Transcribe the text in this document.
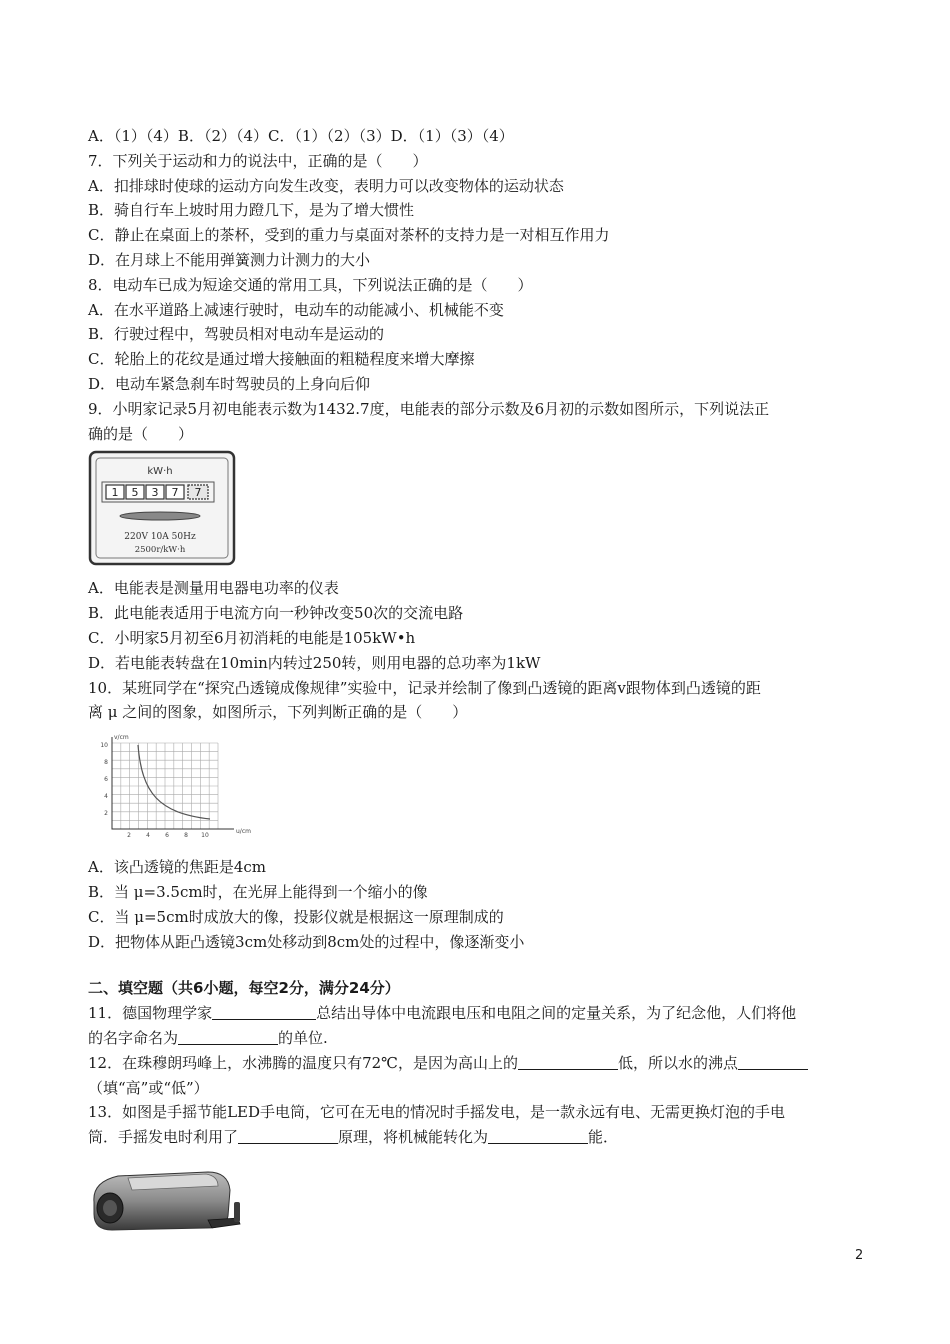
A．（1）（4）B．（2）（4）C．（1）（2）（3）D．（1）（3）（4）
7．下列关于运动和力的说法中，正确的是（　　）
A．扣排球时使球的运动方向发生改变，表明力可以改变物体的运动状态
B．骑自行车上坡时用力蹬几下，是为了增大惯性
C．静止在桌面上的茶杯，受到的重力与桌面对茶杯的支持力是一对相互作用力
D．在月球上不能用弹簧测力计测力的大小
8．电动车已成为短途交通的常用工具，下列说法正确的是（　　）
A．在水平道路上减速行驶时，电动车的动能减小、机械能不变
B．行驶过程中，驾驶员相对电动车是运动的
C．轮胎上的花纹是通过增大接触面的粗糙程度来增大摩擦
D．电动车紧急刹车时驾驶员的上身向后仰
9．小明家记录5月初电能表示数为1432.7度，电能表的部分示数及6月初的示数如图所示，下列说法正
确的是（　　）
kW·h
1 5 3 7 7
220V 10A 50Hz
2500r/kW·h
A．电能表是测量用电器电功率的仪表
B．此电能表适用于电流方向一秒钟改变50次的交流电路
C．小明家5月初至6月初消耗的电能是105kW•h
D．若电能表转盘在10min内转过250转，则用电器的总功率为1kW
10．某班同学在“探究凸透镜成像规律”实验中，记录并绘制了像到凸透镜的距离v跟物体到凸透镜的距
离 μ 之间的图象，如图所示，下列判断正确的是（　　）
v/cm
u/cm
10
8
6
4
2
2	4	6	8 10
A．该凸透镜的焦距是4cm
B．当 μ=3.5cm时，在光屏上能得到一个缩小的像
C．当 μ=5cm时成放大的像，投影仪就是根据这一原理制成的
D．把物体从距凸透镜3cm处移动到8cm处的过程中，像逐渐变小
二、填空题（共6小题，每空2分，满分24分）
11．德国物理学家	总结出导体中电流跟电压和电阻之间的定量关系，为了纪念他，人们将他
的名字命名为	的单位.
12．在珠穆朗玛峰上，水沸腾的温度只有72℃，是因为高山上的	低，所以水的沸点
（填“高”或“低”）
13．如图是手摇节能LED手电筒，它可在无电的情况时手摇发电，是一款永远有电、无需更换灯泡的手电
筒．手摇发电时利用了	原理，将机械能转化为	能．
2
